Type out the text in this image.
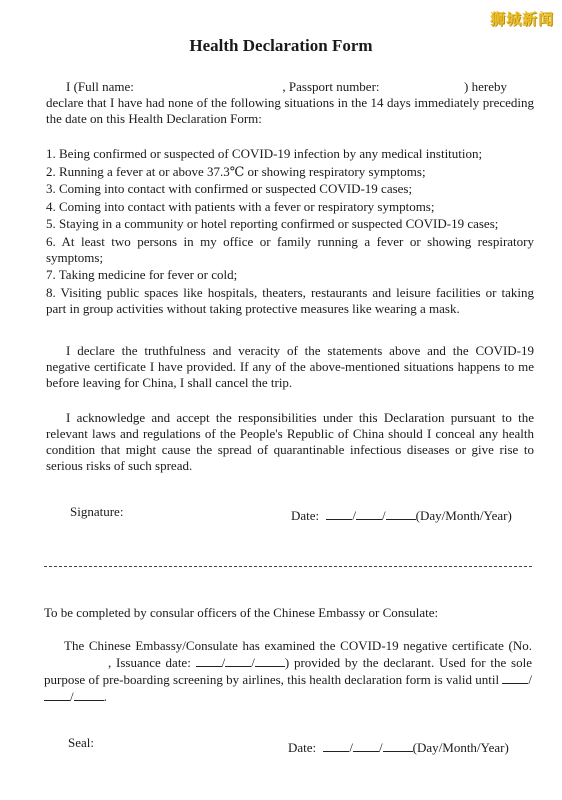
狮城新闻
Health Declaration Form
I (Full name:	, Passport number:	) hereby
declare that I have had none of the following situations in the 14 days immediately preceding the date on this Health Declaration Form:
1. Being confirmed or suspected of COVID-19 infection by any medical institution;
2. Running a fever at or above 37.3℃ or showing respiratory symptoms;
3. Coming into contact with confirmed or suspected COVID-19 cases;
4. Coming into contact with patients with a fever or respiratory symptoms;
5. Staying in a community or hotel reporting confirmed or suspected COVID-19 cases;
6. At least two persons in my office or family running a fever or showing respiratory symptoms;
7. Taking medicine for fever or cold;
8. Visiting public spaces like hospitals, theaters, restaurants and leisure facilities or taking part in group activities without taking protective measures like wearing a mask.
I declare the truthfulness and veracity of the statements above and the COVID-19 negative certificate I have provided. If any of the above-mentioned situations happens to me before leaving for China, I shall cancel the trip.
I acknowledge and accept the responsibilities under this Declaration pursuant to the relevant laws and regulations of the People's Republic of China should I conceal any health condition that might cause the spread of quarantinable infectious diseases or give rise to serious risks of such spread.
Signature:	Date:	/ / (Day/Month/Year)
To be completed by consular officers of the Chinese Embassy or Consulate:
The Chinese Embassy/Consulate has examined the COVID-19 negative certificate (No. , Issuance date: / / ) provided by the declarant. Used for the sole purpose of pre-boarding screening by airlines, this health declaration form is valid until // .
Seal:	Date:	/ / (Day/Month/Year)
